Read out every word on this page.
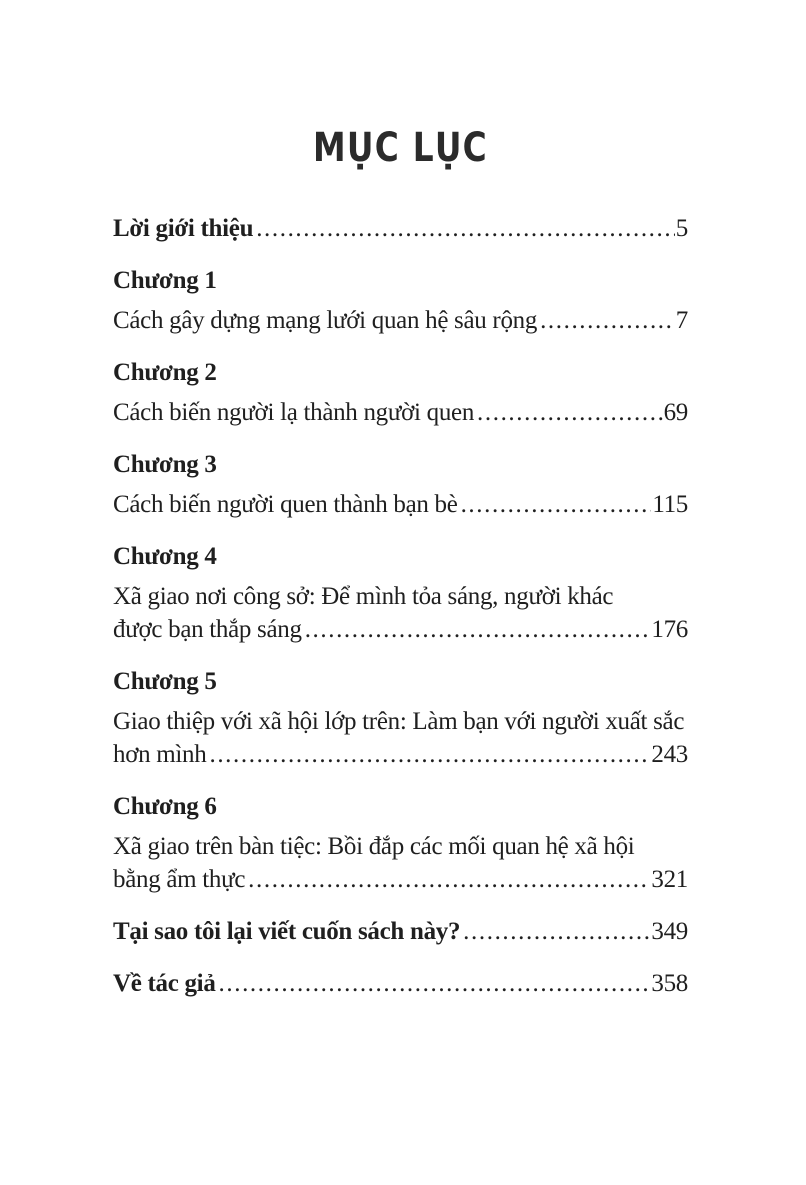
MỤC LỤC
Lời giới thiệu .....	5
Chương 1
Cách gây dựng mạng lưới quan hệ sâu rộng .....	7
Chương 2
Cách biến người lạ thành người quen .....	69
Chương 3
Cách biến người quen thành bạn bè .....	115
Chương 4
Xã giao nơi công sở: Để mình tỏa sáng, người khác
được bạn thắp sáng .....	176
Chương 5
Giao thiệp với xã hội lớp trên: Làm bạn với người xuất sắc
hơn mình .....	243
Chương 6
Xã giao trên bàn tiệc: Bồi đắp các mối quan hệ xã hội
bằng ẩm thực .....	321
Tại sao tôi lại viết cuốn sách này? .....	349
Về tác giả .....	358
